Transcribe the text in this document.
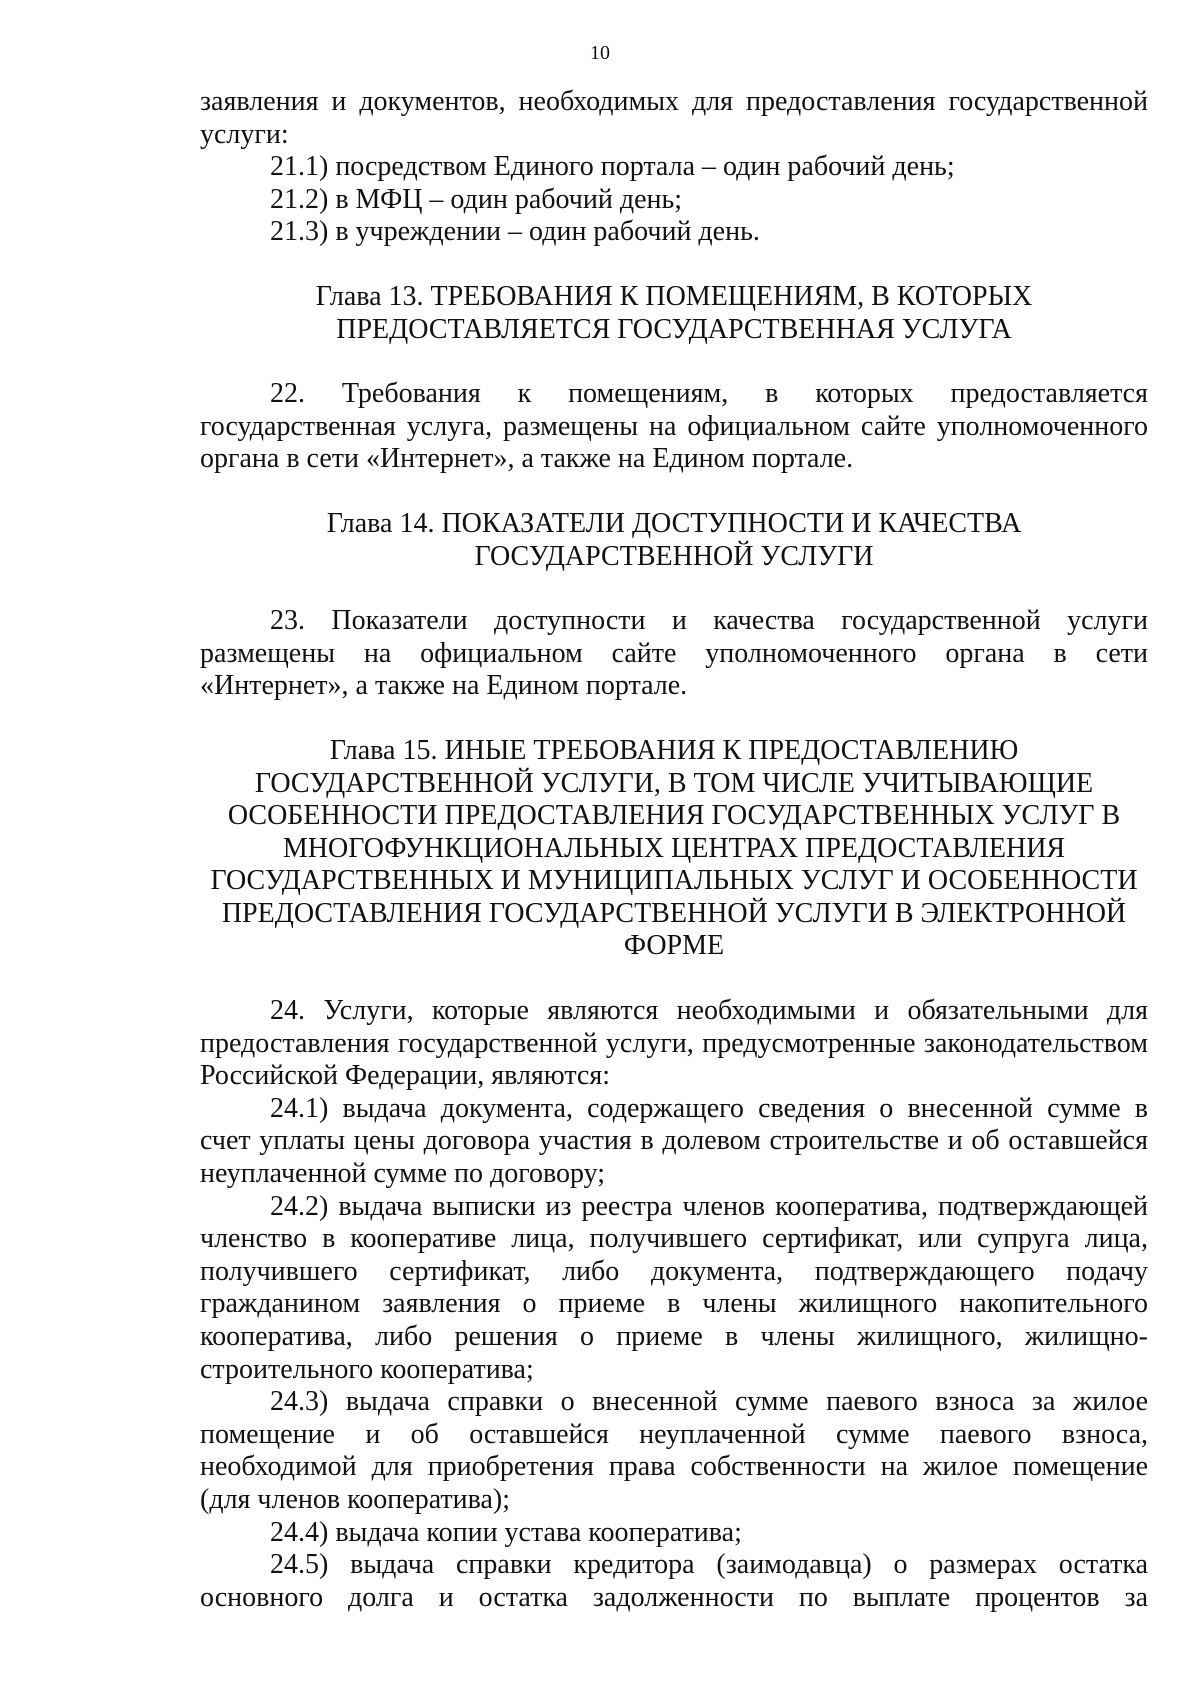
10

заявления и документов, необходимых для предоставления государственной услуги:

21.1) посредством Единого портала – один рабочий день;

21.2) в МФЦ – один рабочий день;

21.3) в учреждении – один рабочий день.

Глава 13. ТРЕБОВАНИЯ К ПОМЕЩЕНИЯМ, В КОТОРЫХ ПРЕДОСТАВЛЯЕТСЯ ГОСУДАРСТВЕННАЯ УСЛУГА

22. Требования к помещениям, в которых предоставляется государственная услуга, размещены на официальном сайте уполномоченного органа в сети «Интернет», а также на Едином портале.

Глава 14. ПОКАЗАТЕЛИ ДОСТУПНОСТИ И КАЧЕСТВА ГОСУДАРСТВЕННОЙ УСЛУГИ

23. Показатели доступности и качества государственной услуги размещены на официальном сайте уполномоченного органа в сети «Интернет», а также на Едином портале.

Глава 15. ИНЫЕ ТРЕБОВАНИЯ К ПРЕДОСТАВЛЕНИЮ ГОСУДАРСТВЕННОЙ УСЛУГИ, В ТОМ ЧИСЛЕ УЧИТЫВАЮЩИЕ ОСОБЕННОСТИ ПРЕДОСТАВЛЕНИЯ ГОСУДАРСТВЕННЫХ УСЛУГ В МНОГОФУНКЦИОНАЛЬНЫХ ЦЕНТРАХ ПРЕДОСТАВЛЕНИЯ ГОСУДАРСТВЕННЫХ И МУНИЦИПАЛЬНЫХ УСЛУГ И ОСОБЕННОСТИ ПРЕДОСТАВЛЕНИЯ ГОСУДАРСТВЕННОЙ УСЛУГИ В ЭЛЕКТРОННОЙ ФОРМЕ

24. Услуги, которые являются необходимыми и обязательными для предоставления государственной услуги, предусмотренные законодательством Российской Федерации, являются:

24.1) выдача документа, содержащего сведения о внесенной сумме в счет уплаты цены договора участия в долевом строительстве и об оставшейся неуплаченной сумме по договору;

24.2) выдача выписки из реестра членов кооператива, подтверждающей членство в кооперативе лица, получившего сертификат, или супруга лица, получившего сертификат, либо документа, подтверждающего подачу гражданином заявления о приеме в члены жилищного накопительного кооператива, либо решения о приеме в члены жилищного, жилищно-строительного кооператива;

24.3) выдача справки о внесенной сумме паевого взноса за жилое помещение и об оставшейся неуплаченной сумме паевого взноса, необходимой для приобретения права собственности на жилое помещение (для членов кооператива);

24.4) выдача копии устава кооператива;

24.5) выдача справки кредитора (заимодавца) о размерах остатка основного долга и остатка задолженности по выплате процентов за
